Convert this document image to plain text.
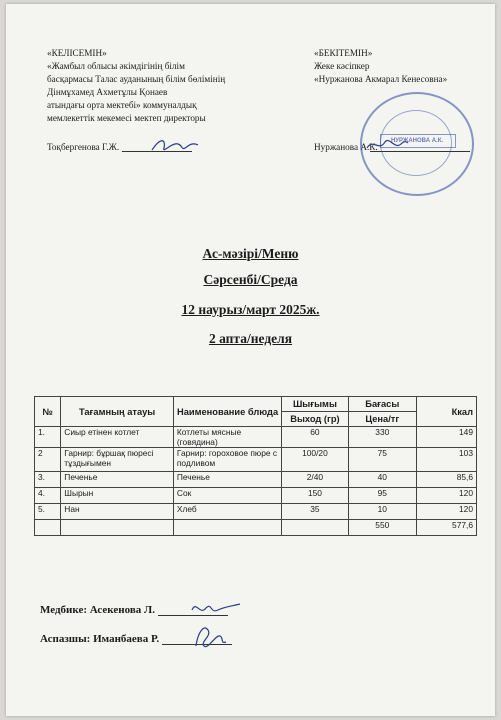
«КЕЛІСЕМІН»
«Жамбыл облысы әкімдігінің білім
басқармасы Талас ауданының білім бөлімінің
Дінмұхамед Ахметұлы Қонаев
атындағы орта мектебі» коммуналдық
мемлекеттік мекемесі мектеп директоры
Тоқбергенова Г.Ж.
«БЕКІТЕМІН»
Жеке кәсіпкер
«Нуржанова Акмарал Кенесовна»
Нуржанова А.К.
НУРЖАНОВА А.К.
Ас-мәзірі/Меню
Сәрсенбі/Среда
12 наурыз/март 2025ж.
2 апта/неделя
№	Тағамның атауы	Наименование блюда	Шығымы	Бағасы	Ккал
			Выход (гр)	Цена/тг	
1.	Сиыр етінен котлет	Котлеты мясные (говядина)	60	330	149
2	Гарнир: бұршақ пюресі тұздығымен	Гарнир: гороховое пюре с подливом	100/20	75	103
3.	Печенье	Печенье	2/40	40	85,6
4.	Шырын	Сок	150	95	120
5.	Нан	Хлеб	35	10	120
				550	577,6
Медбике: Асекенова Л.
Аспазшы: Иманбаева Р.
